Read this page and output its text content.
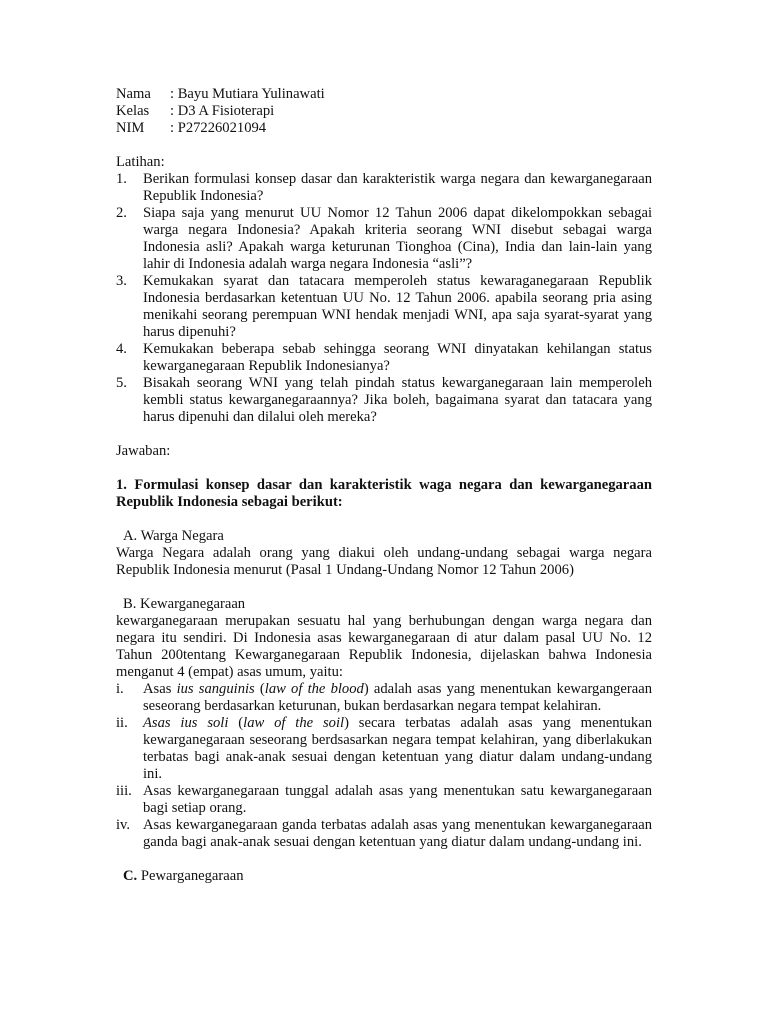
Nama	: Bayu Mutiara Yulinawati
Kelas	: D3 A Fisioterapi
NIM	: P27226021094

Latihan:

1.	Berikan formulasi konsep dasar dan karakteristik warga negara dan kewarganegaraan Republik Indonesia?
2.	Siapa saja yang menurut UU Nomor 12 Tahun 2006 dapat dikelompokkan sebagai warga negara Indonesia? Apakah kriteria seorang WNI disebut sebagai warga Indonesia asli? Apakah warga keturunan Tionghoa (Cina), India dan lain-lain yang lahir di Indonesia adalah warga negara Indonesia “asli”?
3.	Kemukakan syarat dan tatacara memperoleh status kewaraganegaraan Republik Indonesia berdasarkan ketentuan UU No. 12 Tahun 2006. apabila seorang pria asing menikahi seorang perempuan WNI hendak menjadi WNI, apa saja syarat-syarat yang harus dipenuhi?
4.	Kemukakan beberapa sebab sehingga seorang WNI dinyatakan kehilangan status kewarganegaraan Republik Indonesianya?
5.	Bisakah seorang WNI yang telah pindah status kewarganegaraan lain memperoleh kembli status kewarganegaraannya? Jika boleh, bagaimana syarat dan tatacara yang harus dipenuhi dan dilalui oleh mereka?

Jawaban:

1. Formulasi konsep dasar dan karakteristik waga negara dan kewarganegaraan Republik Indonesia sebagai berikut:

A. Warga Negara

Warga Negara adalah orang yang diakui oleh undang-undang sebagai warga negara Republik Indonesia menurut (Pasal 1 Undang-Undang Nomor 12 Tahun 2006)

B. Kewarganegaraan

kewarganegaraan merupakan sesuatu hal yang berhubungan dengan warga negara dan negara itu sendiri. Di Indonesia asas kewarganegaraan di atur dalam pasal UU No. 12 Tahun 200tentang Kewarganegaraan Republik Indonesia, dijelaskan bahwa Indonesia menganut 4 (empat) asas umum, yaitu:

i.	Asas ius sanguinis (law of the blood) adalah asas yang menentukan kewargangeraan seseorang berdasarkan keturunan, bukan berdasarkan negara tempat kelahiran.
ii.	Asas ius soli (law of the soil) secara terbatas adalah asas yang menentukan kewarganegaraan seseorang berdsasarkan negara tempat kelahiran, yang diberlakukan terbatas bagi anak-anak sesuai dengan ketentuan yang diatur dalam undang-undang ini.
iii. Asas kewarganegaraan tunggal adalah asas yang menentukan satu kewarganegaraan bagi setiap orang.
iv. Asas kewarganegaraan ganda terbatas adalah asas yang menentukan kewarganegaraan ganda bagi anak-anak sesuai dengan ketentuan yang diatur dalam undang-undang ini.

C. Pewarganegaraan
